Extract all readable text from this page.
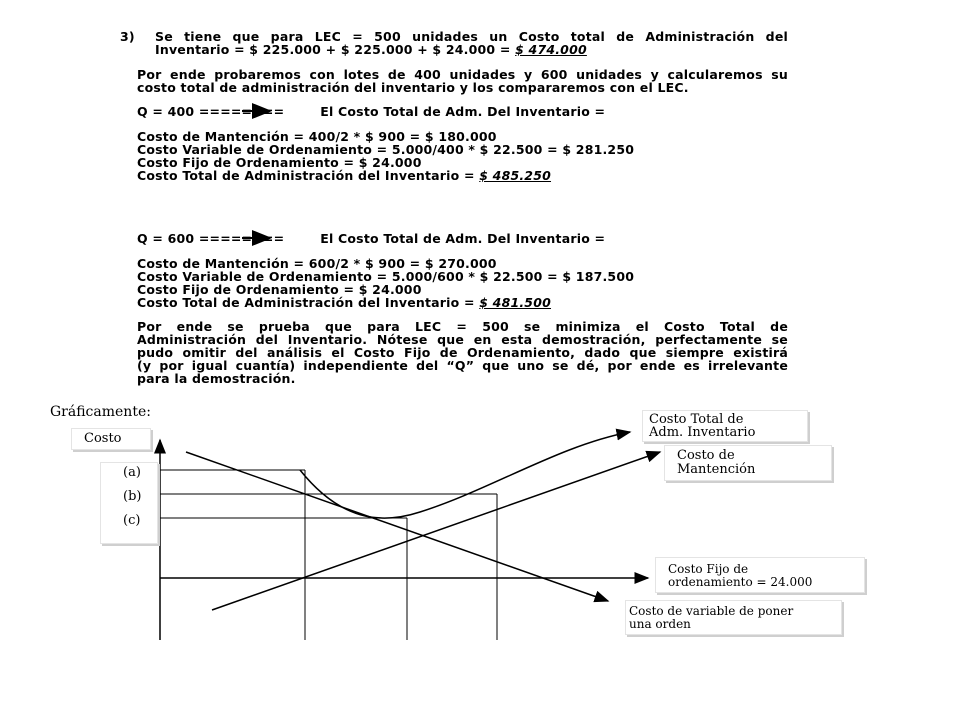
3) Se tiene que para LEC = 500 unidades un Costo total de Administración del
Inventario = $ 225.000 + $ 225.000 + $ 24.000 = $ 474.000
Por ende probaremos con lotes de 400 unidades y 600 unidades y calcularemos su
costo total de administración del inventario y los compararemos con el LEC.
Q = 400 ========	El Costo Total de Adm. Del Inventario =
Costo de Mantención = 400/2 * $ 900 = $ 180.000
Costo Variable de Ordenamiento = 5.000/400 * $ 22.500 = $ 281.250
Costo Fijo de Ordenamiento = $ 24.000
Costo Total de Administración del Inventario = $ 485.250
Q = 600 ========	El Costo Total de Adm. Del Inventario =
Costo de Mantención = 600/2 * $ 900 = $ 270.000
Costo Variable de Ordenamiento = 5.000/600 * $ 22.500 = $ 187.500
Costo Fijo de Ordenamiento = $ 24.000
Costo Total de Administración del Inventario = $ 481.500
Por ende se prueba que para LEC = 500 se minimiza el Costo Total de
Administración del Inventario. Nótese que en esta demostración, perfectamente se
pudo omitir del análisis el Costo Fijo de Ordenamiento, dado que siempre existirá
(y por igual cuantía) independiente del “Q” que uno se dé, por ende es irrelevante
para la demostración.
Gráficamente:
Costo
(a)
(b)
(c)
Costo Total de
Adm. Inventario
Costo de
Mantención
Costo Fijo de
ordenamiento = 24.000
Costo de variable de poner
una orden
